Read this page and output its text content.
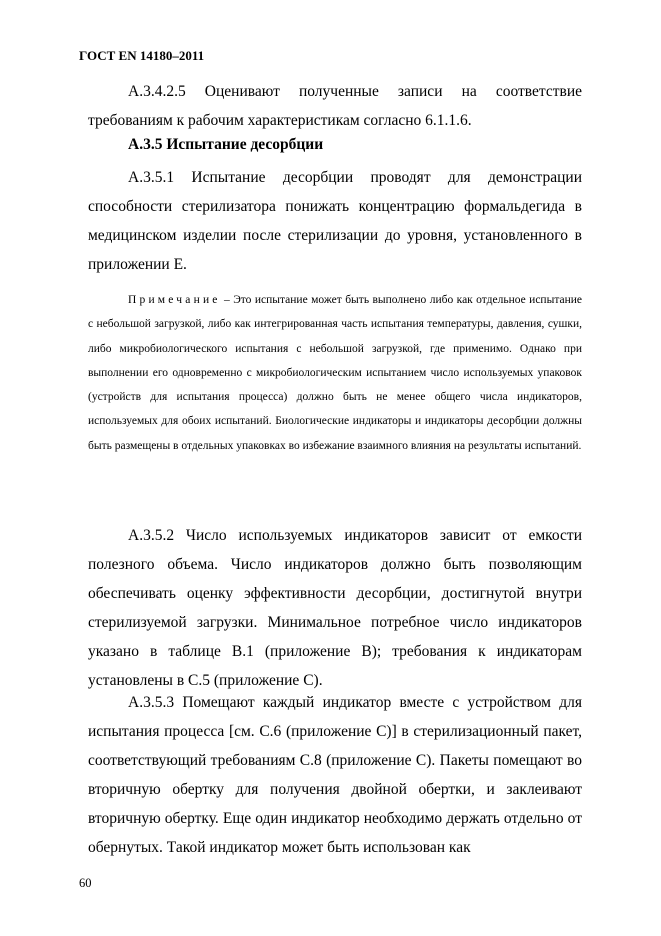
ГОСТ EN 14180–2011

А.3.4.2.5 Оценивают полученные записи на соответствие требованиям к рабочим характеристикам согласно 6.1.1.6.

А.3.5 Испытание десорбции

А.3.5.1 Испытание десорбции проводят для демонстрации способности стерилизатора понижать концентрацию формальдегида в медицинском изделии после стерилизации до уровня, установленного в приложении Е.

Примечание – Это испытание может быть выполнено либо как отдельное испытание с небольшой загрузкой, либо как интегрированная часть испытания температуры, давления, сушки, либо микробиологического испытания с небольшой загрузкой, где применимо. Однако при выполнении его одновременно с микробиологическим испытанием число используемых упаковок (устройств для испытания процесса) должно быть не менее общего числа индикаторов, используемых для обоих испытаний. Биологические индикаторы и индикаторы десорбции должны быть размещены в отдельных упаковках во избежание взаимного влияния на результаты испытаний.

А.3.5.2 Число используемых индикаторов зависит от емкости полезного объема. Число индикаторов должно быть позволяющим обеспечивать оценку эффективности десорбции, достигнутой внутри стерилизуемой загрузки. Минимальное потребное число индикаторов указано в таблице В.1 (приложение В); требования к индикаторам установлены в С.5 (приложение С).

А.3.5.3 Помещают каждый индикатор вместе с устройством для испытания процесса [см. С.6 (приложение С)] в стерилизационный пакет, соответствующий требованиям С.8 (приложение С). Пакеты помещают во вторичную обертку для получения двойной обертки, и заклеивают вторичную обертку. Еще один индикатор необходимо держать отдельно от обернутых. Такой индикатор может быть использован как

60
